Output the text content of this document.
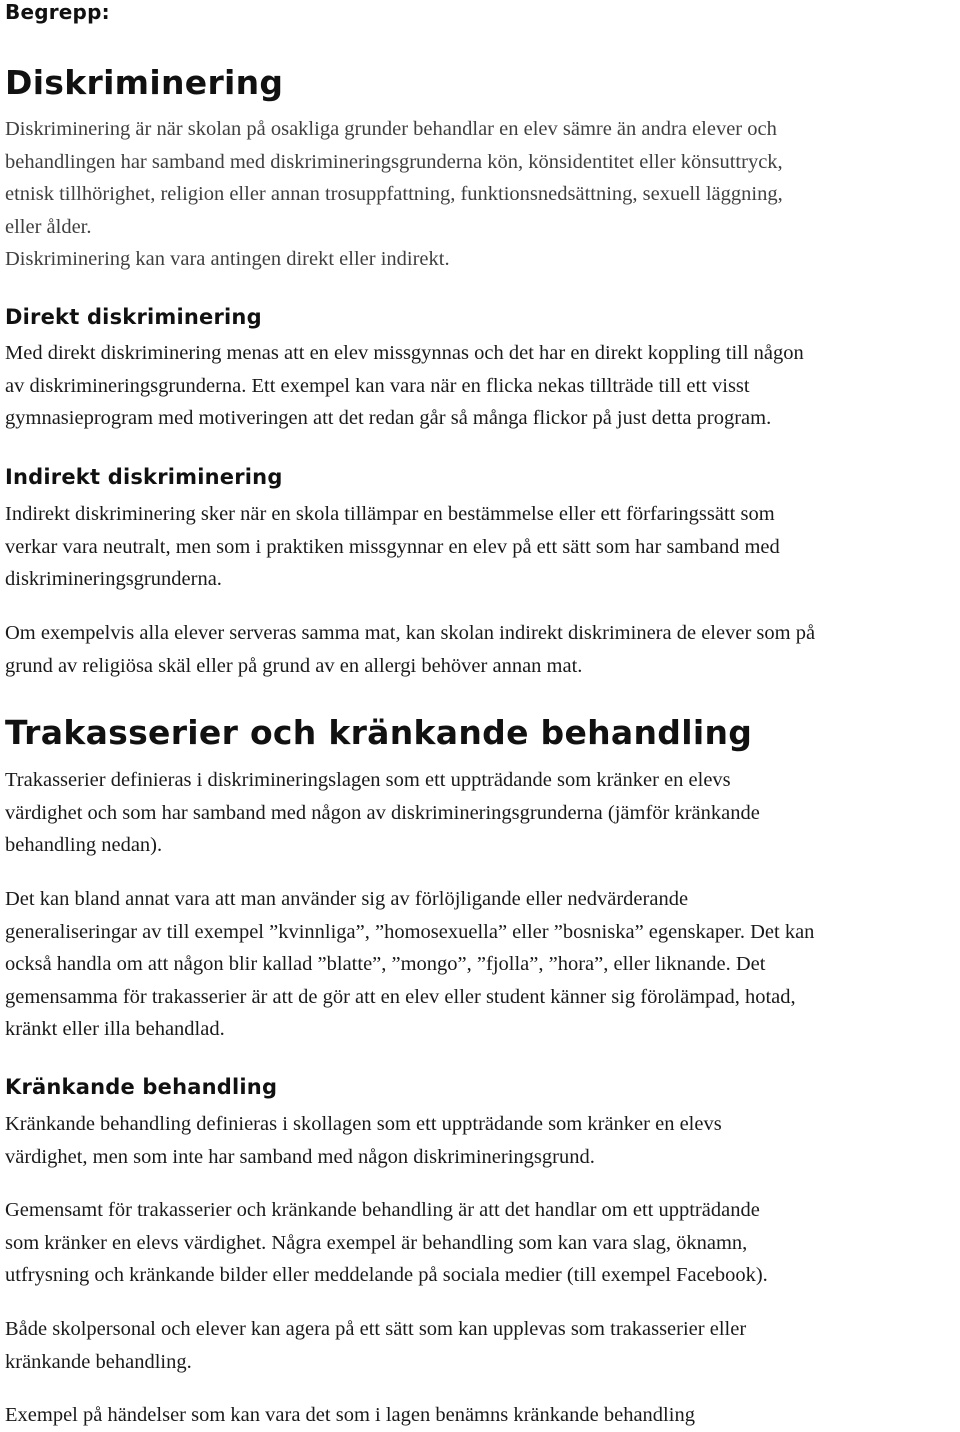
Begrepp:
Diskriminering

Diskriminering är när skolan på osakliga grunder behandlar en elev sämre än andra elever och
behandlingen har samband med diskrimineringsgrunderna kön, könsidentitet eller könsuttryck,
etnisk tillhörighet, religion eller annan trosuppfattning, funktionsnedsättning, sexuell läggning,
eller ålder.
Diskriminering kan vara antingen direkt eller indirekt.

Direkt diskriminering

Med direkt diskriminering menas att en elev missgynnas och det har en direkt koppling till någon
av diskrimineringsgrunderna. Ett exempel kan vara när en flicka nekas tillträde till ett visst
gymnasieprogram med motiveringen att det redan går så många flickor på just detta program.

Indirekt diskriminering

Indirekt diskriminering sker när en skola tillämpar en bestämmelse eller ett förfaringssätt som
verkar vara neutralt, men som i praktiken missgynnar en elev på ett sätt som har samband med
diskrimineringsgrunderna.

Om exempelvis alla elever serveras samma mat, kan skolan indirekt diskriminera de elever som på
grund av religiösa skäl eller på grund av en allergi behöver annan mat.

Trakasserier och kränkande behandling

Trakasserier definieras i diskrimineringslagen som ett uppträdande som kränker en elevs
värdighet och som har samband med någon av diskrimineringsgrunderna (jämför kränkande
behandling nedan).

Det kan bland annat vara att man använder sig av förlöjligande eller nedvärderande
generaliseringar av till exempel ”kvinnliga”, ”homosexuella” eller ”bosniska” egenskaper. Det kan
också handla om att någon blir kallad ”blatte”, ”mongo”, ”fjolla”, ”hora”, eller liknande. Det
gemensamma för trakasserier är att de gör att en elev eller student känner sig förolämpad, hotad,
kränkt eller illa behandlad.

Kränkande behandling

Kränkande behandling definieras i skollagen som ett uppträdande som kränker en elevs
värdighet, men som inte har samband med någon diskrimineringsgrund.

Gemensamt för trakasserier och kränkande behandling är att det handlar om ett uppträdande
som kränker en elevs värdighet. Några exempel är behandling som kan vara slag, öknamn,
utfrysning och kränkande bilder eller meddelande på sociala medier (till exempel Facebook).

Både skolpersonal och elever kan agera på ett sätt som kan upplevas som trakasserier eller
kränkande behandling.

Exempel på händelser som kan vara det som i lagen benämns kränkande behandling
